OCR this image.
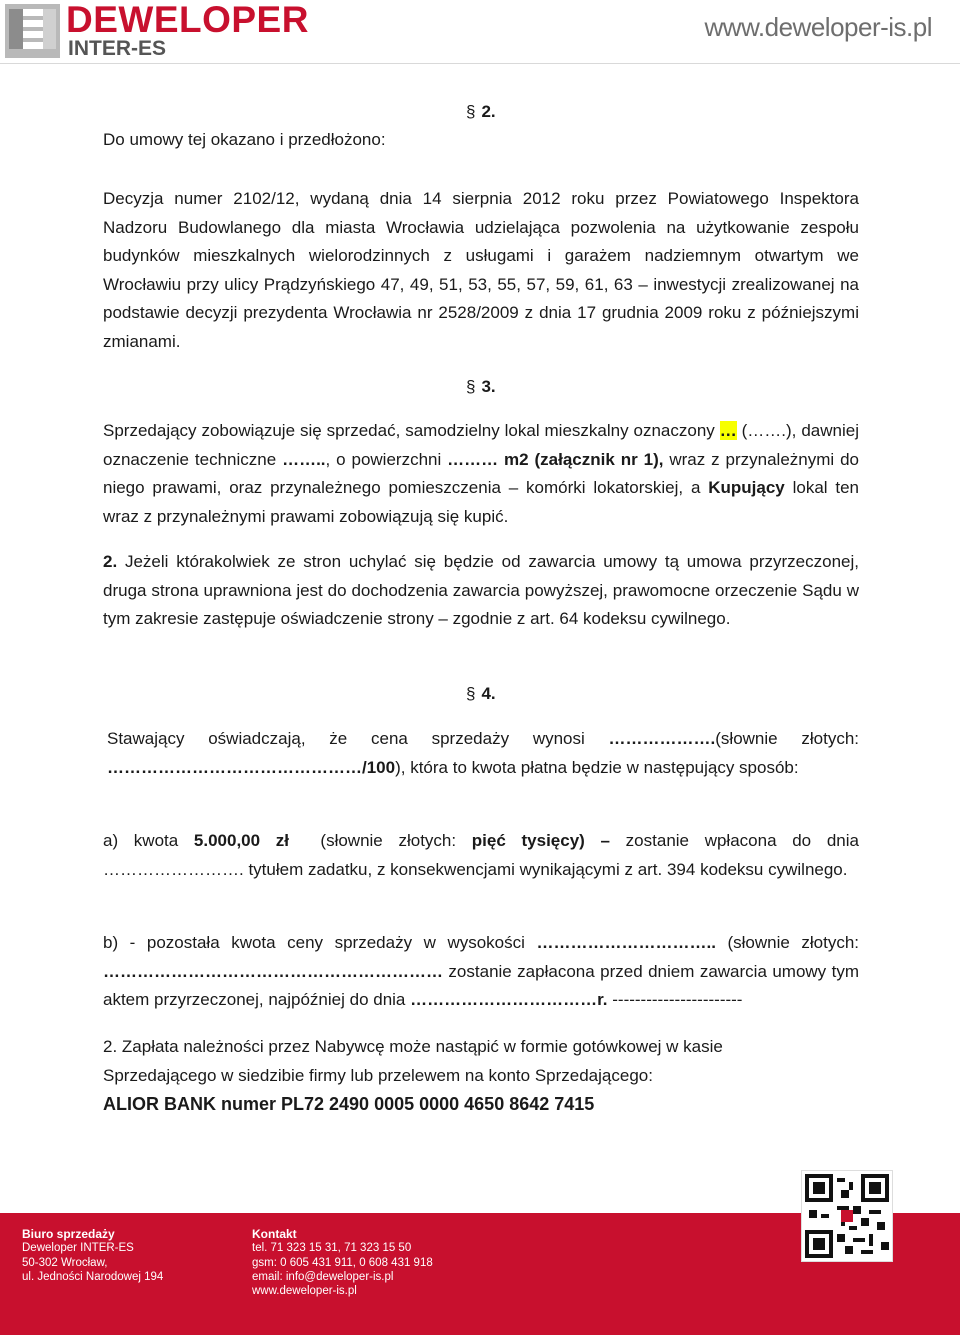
DEWELOPER
INTER-ES
www.deweloper-is.pl
Do umowy tej okazano i przedłożono:
§ 2.
Decyzja numer 2102/12, wydaną dnia 14 sierpnia 2012 roku przez Powiatowego Inspektora Nadzoru Budowlanego dla miasta Wrocławia udzielająca pozwolenia na użytkowanie zespołu budynków mieszkalnych wielorodzinnych z usługami i garażem nadziemnym otwartym we Wrocławiu przy ulicy Prądzyńskiego 47, 49, 51, 53, 55, 57, 59, 61, 63 – inwestycji zrealizowanej na podstawie decyzji prezydenta Wrocławia nr 2528/2009 z dnia 17 grudnia 2009 roku z późniejszymi zmianami.
§ 3.
Sprzedający zobowiązuje się sprzedać, samodzielny lokal mieszkalny oznaczony … (…….), dawniej oznaczenie techniczne …….., o powierzchni ……… m2 (załącznik nr 1), wraz z przynależnymi do niego prawami, oraz przynależnego pomieszczenia – komórki lokatorskiej, a Kupujący lokal ten wraz z przynależnymi prawami zobowiązują się kupić.
2. Jeżeli którakolwiek ze stron uchylać się będzie od zawarcia umowy tą umowa przyrzeczonej, druga strona uprawniona jest do dochodzenia zawarcia powyższej, prawomocne orzeczenie Sądu w tym zakresie zastępuje oświadczenie strony – zgodnie z art. 64 kodeksu cywilnego.
§ 4.
Stawający oświadczają, że cena sprzedaży wynosi ……………….(słownie złotych: ………………………………………/100), która to kwota płatna będzie w następujący sposób:
a) kwota 5.000,00 zł  (słownie złotych: pięć tysięcy) – zostanie wpłacona do dnia ……………………. tytułem zadatku, z konsekwencjami wynikającymi z art. 394 kodeksu cywilnego.
b) - pozostała kwota ceny sprzedaży w wysokości ………………………….. (słownie złotych: …………………………………………………… zostanie zapłacona przed dniem zawarcia umowy tym aktem przyrzeczonej, najpóźniej do dnia ……………………………r. -----------------------
2. Zapłata należności przez Nabywcę może nastąpić w formie gotówkowej w kasie
Sprzedającego w siedzibie firmy lub przelewem na konto Sprzedającego:
ALIOR BANK numer PL72 2490 0005 0000 4650 8642 7415
Biuro sprzedaży
Deweloper INTER-ES
50-302 Wrocław,
ul. Jedności Narodowej 194
Kontakt
tel. 71 323 15 31, 71 323 15 50
gsm: 0 605 431 911, 0 608 431 918
email: info@deweloper-is.pl
www.deweloper-is.pl
